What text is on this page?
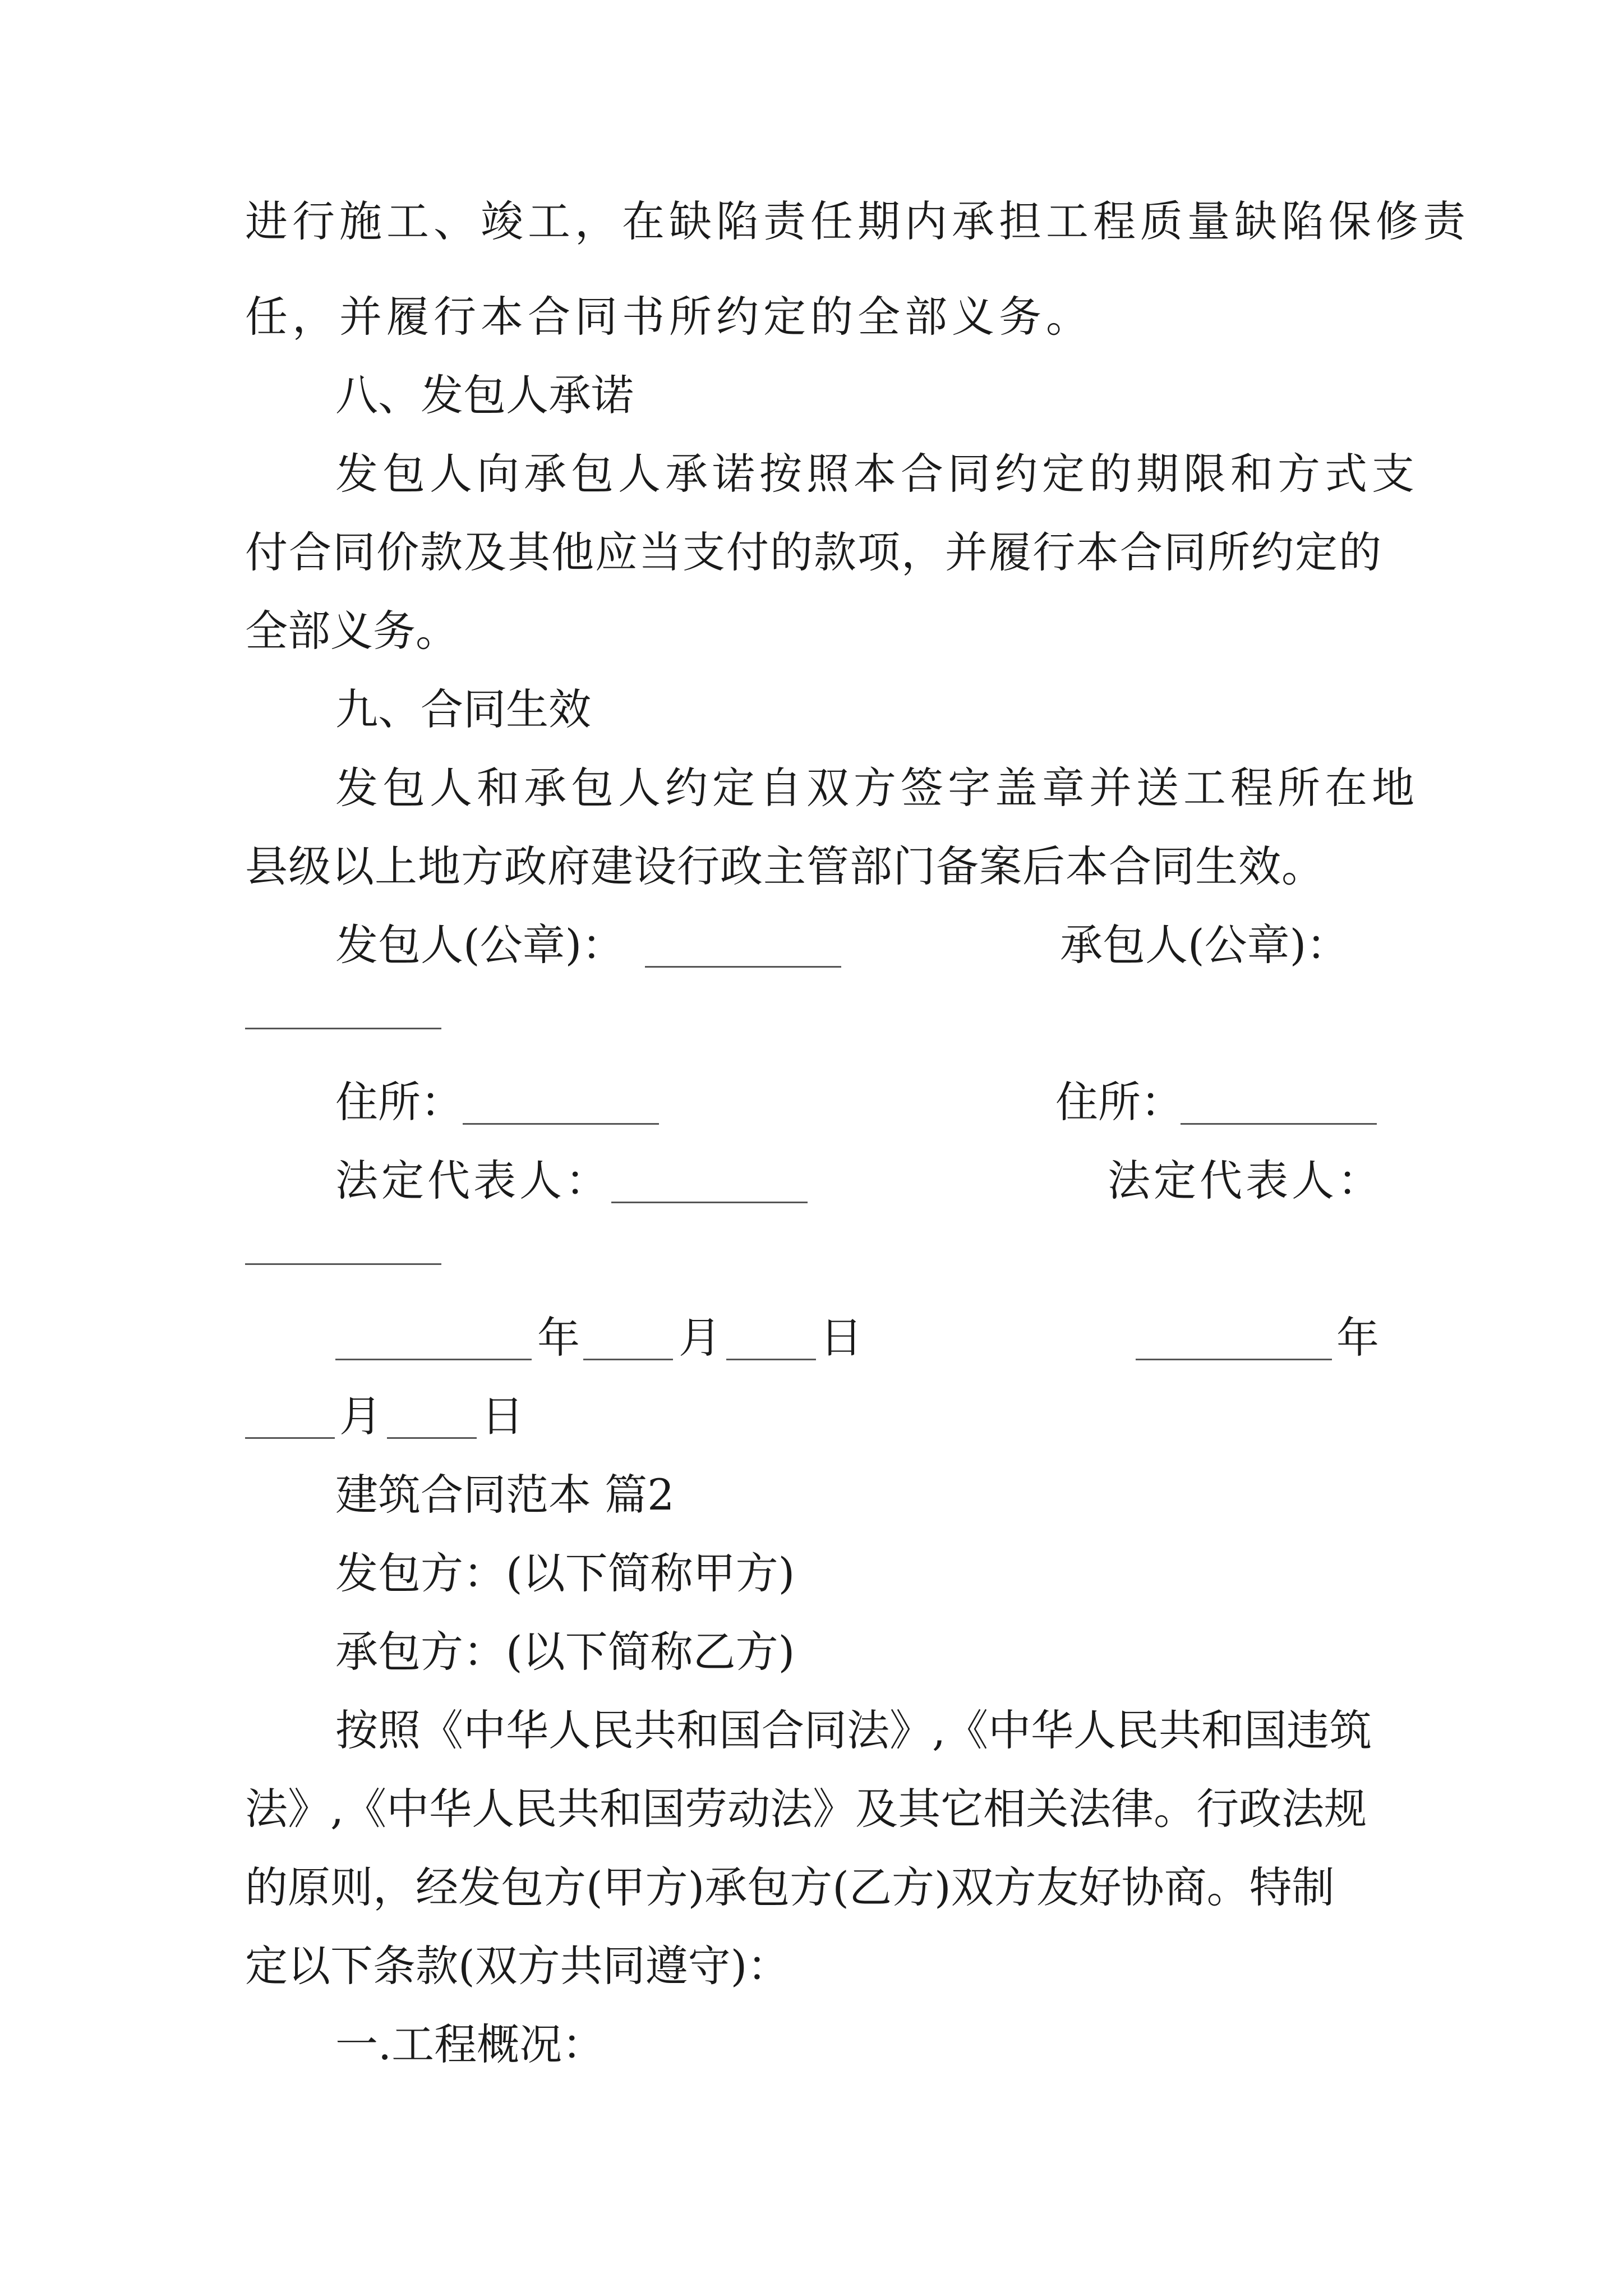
进行施工、竣工，在缺陷责任期内承担工程质量缺陷保修责
任，并履行本合同书所约定的全部义务。
八、发包人承诺
发包人向承包人承诺按照本合同约定的期限和方式支
付合同价款及其他应当支付的款项，并履行本合同所约定的
全部义务。
九、合同生效
发包人和承包人约定自双方签字盖章并送工程所在地
县级以上地方政府建设行政主管部门备案后本合同生效。
发包人(公章)：	承包人(公章)：
住所：	住所：
法定代表人：	法定代表人：
年 月 日	年
月 日
建筑合同范本 篇2
发包方：(以下简称甲方)
承包方：(以下简称乙方)
按照《中华人民共和国合同法》,《中华人民共和国违筑
法》,《中华人民共和国劳动法》及其它相关法律。行政法规
的原则，经发包方(甲方)承包方(乙方)双方友好协商。特制
定以下条款(双方共同遵守)：
一.工程概况：
